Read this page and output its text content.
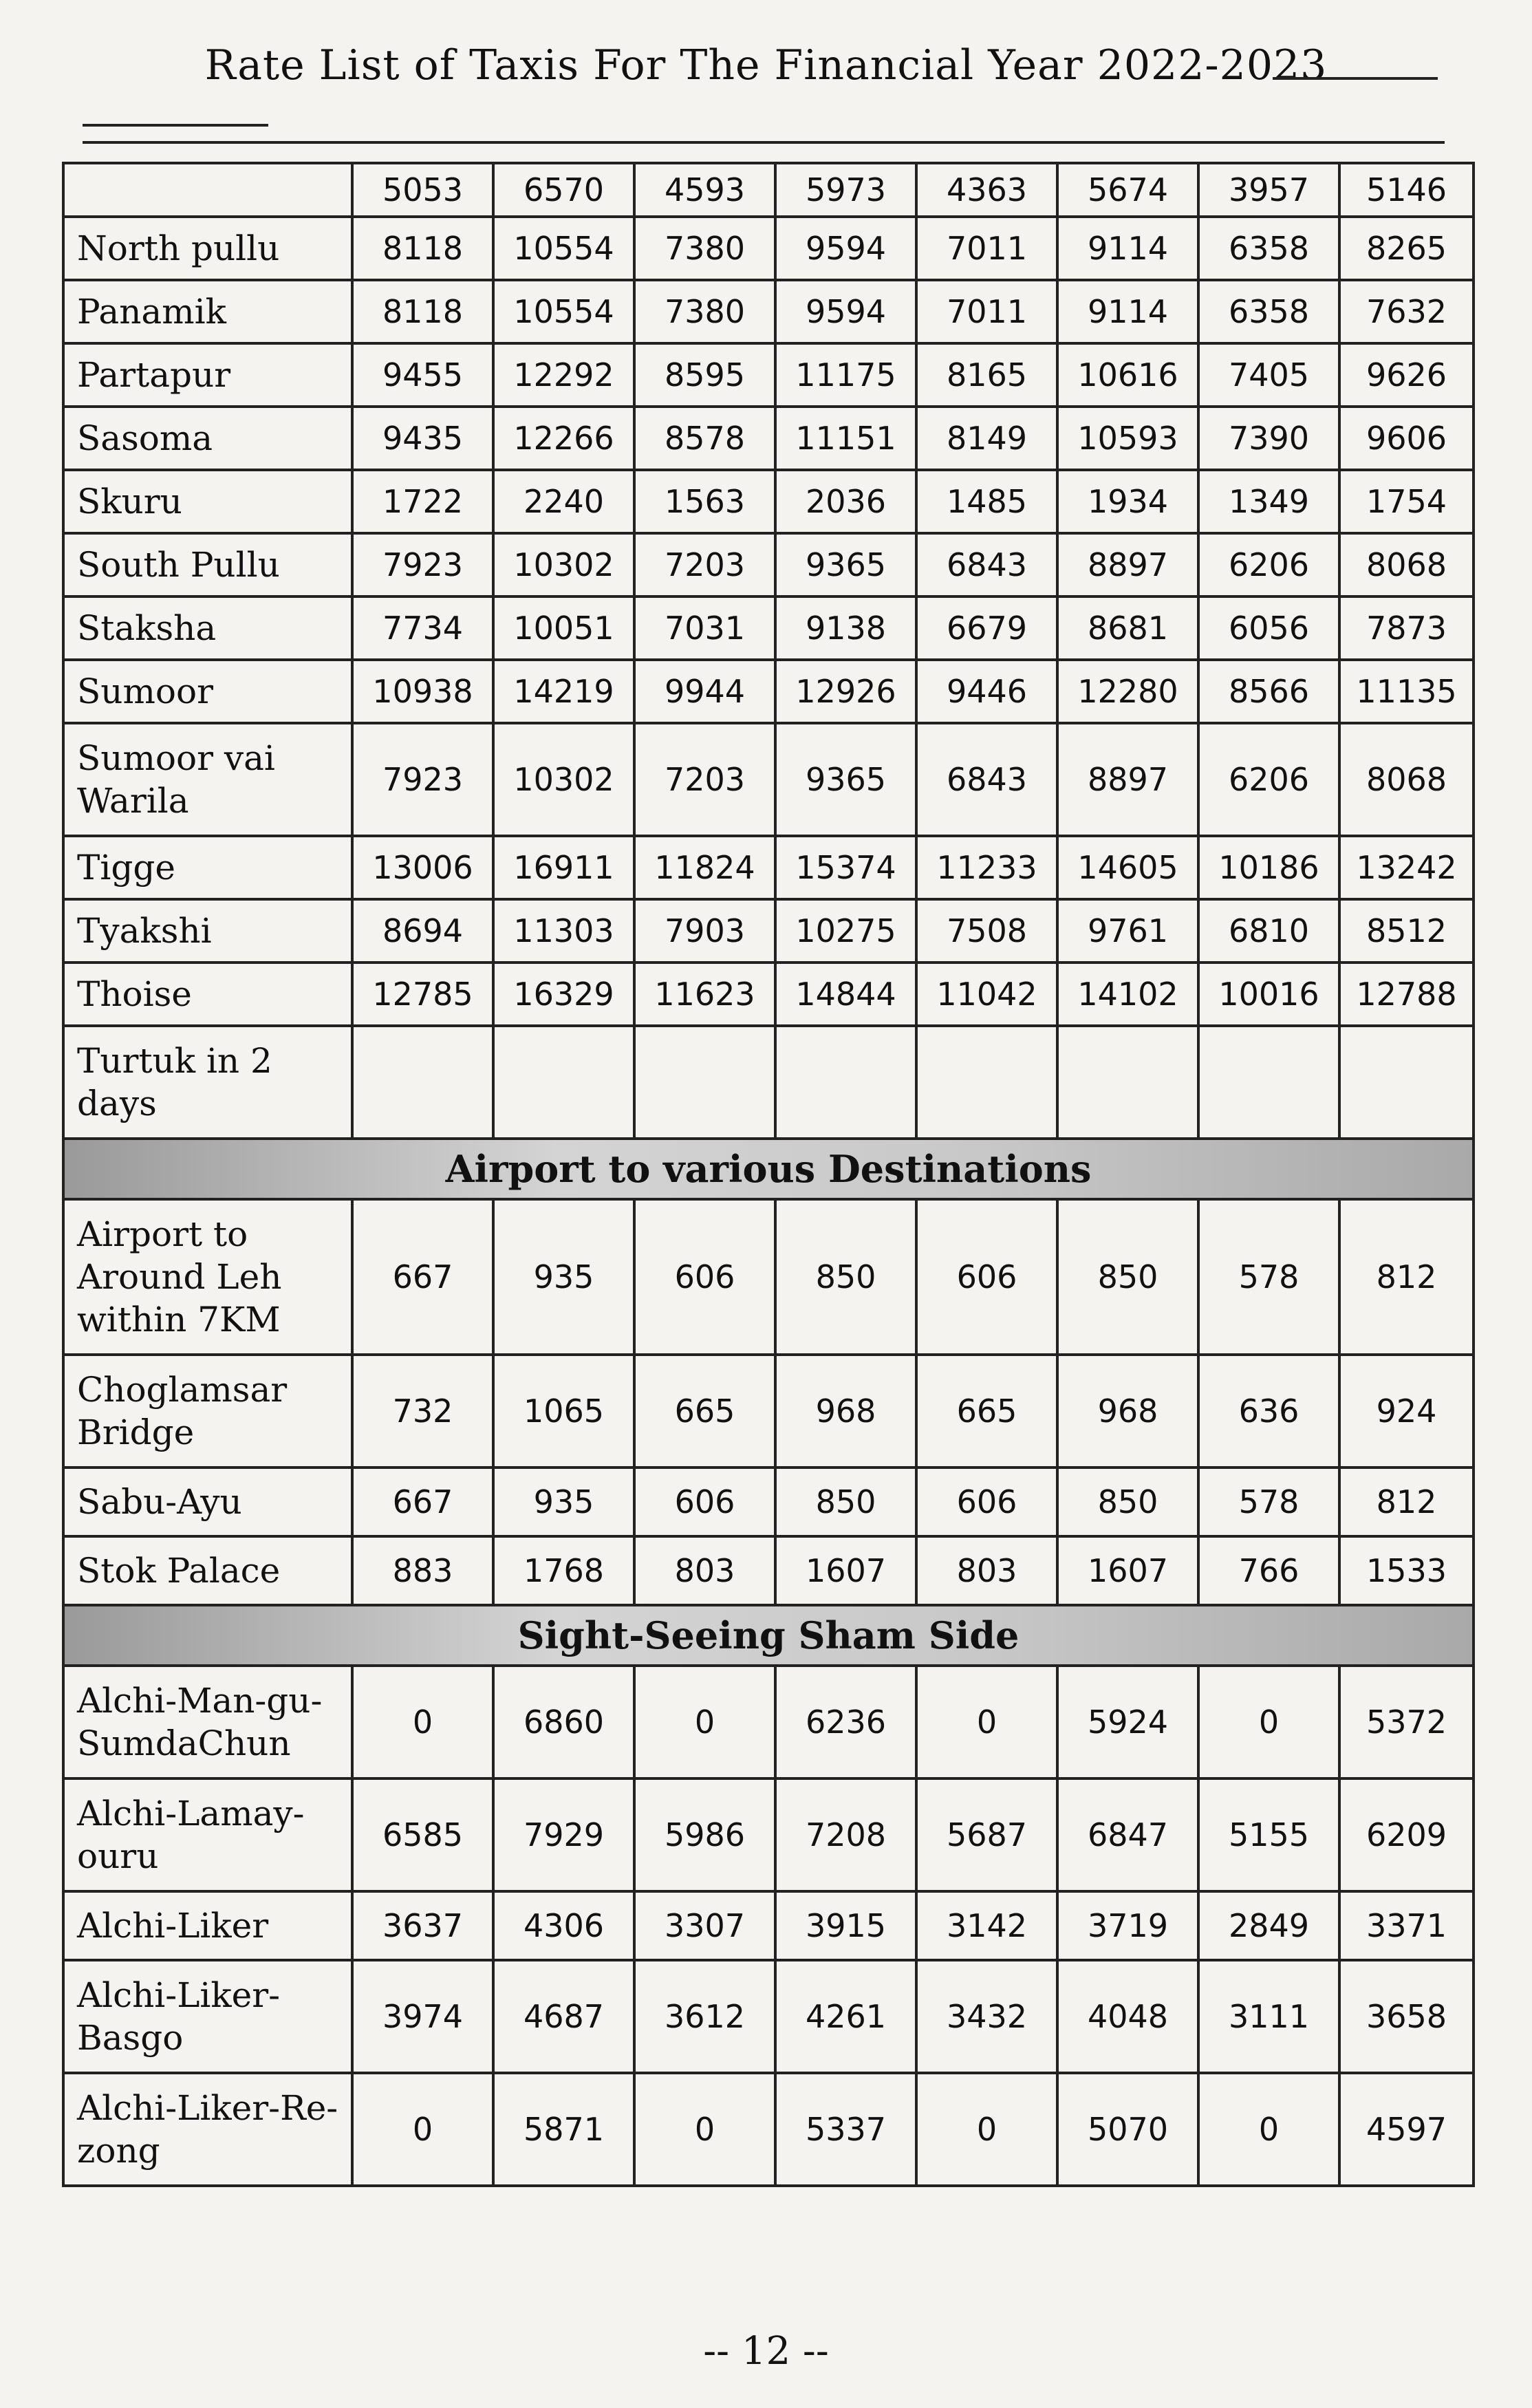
Rate List of Taxis For The Financial Year 2022-2023
	5053	6570	4593	5973	4363	5674	3957	5146
North pullu	8118	10554	7380	9594	7011	9114	6358	8265
Panamik	8118	10554	7380	9594	7011	9114	6358	7632
Partapur	9455	12292	8595	11175	8165	10616	7405	9626
Sasoma	9435	12266	8578	11151	8149	10593	7390	9606
Skuru	1722	2240	1563	2036	1485	1934	1349	1754
South Pullu	7923	10302	7203	9365	6843	8897	6206	8068
Staksha	7734	10051	7031	9138	6679	8681	6056	7873
Sumoor	10938	14219	9944	12926	9446	12280	8566	11135
Sumoor vai Warila	7923	10302	7203	9365	6843	8897	6206	8068
Tigge	13006	16911	11824	15374	11233	14605	10186	13242
Tyakshi	8694	11303	7903	10275	7508	9761	6810	8512
Thoise	12785	16329	11623	14844	11042	14102	10016	12788
Turtuk in 2 days								
Airport to various Destinations								
Airport to Around Leh within 7KM	667	935	606	850	606	850	578	812
Choglamsar Bridge	732	1065	665	968	665	968	636	924
Sabu-Ayu	667	935	606	850	606	850	578	812
Stok Palace	883	1768	803	1607	803	1607	766	1533
Sight-Seeing Sham Side								
Alchi-Man-gu-SumdaChun	0	6860	0	6236	0	5924	0	5372
Alchi-Lamay-ouru	6585	7929	5986	7208	5687	6847	5155	6209
Alchi-Liker	3637	4306	3307	3915	3142	3719	2849	3371
Alchi-Liker-Basgo	3974	4687	3612	4261	3432	4048	3111	3658
Alchi-Liker-Re-zong	0	5871	0	5337	0	5070	0	4597
-- 12 --
